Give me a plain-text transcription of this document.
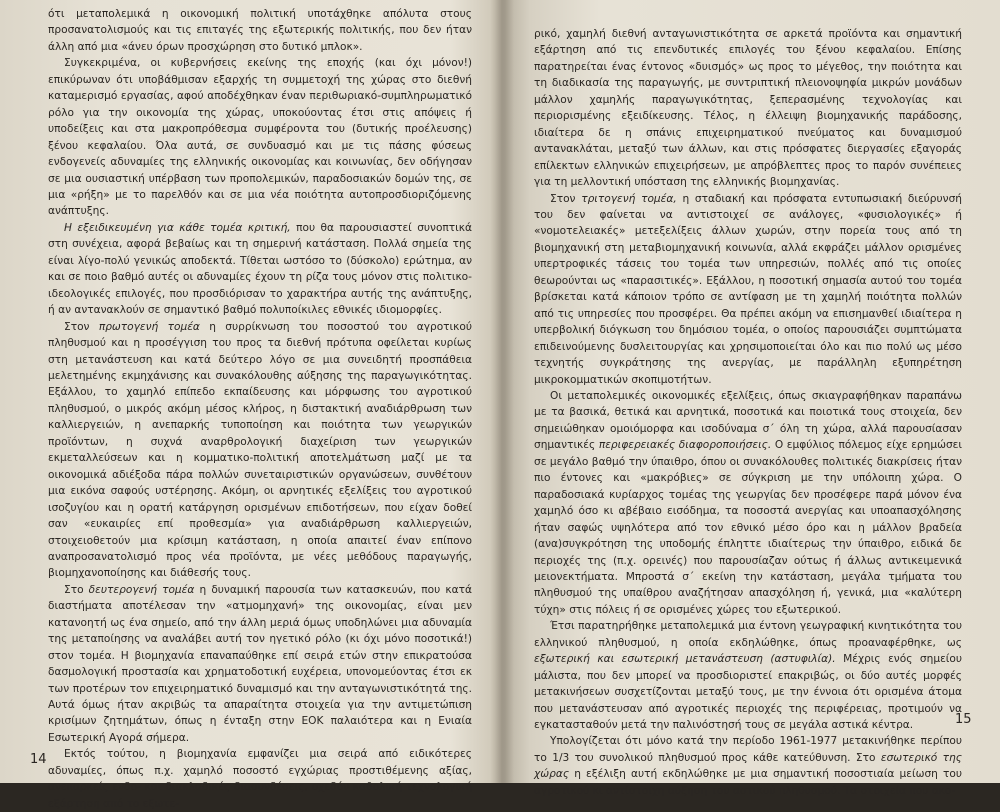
ότι μεταπολεμικά η οικονομική πολιτική υποτάχθηκε απόλυτα στους προσανατολισμούς και τις επιταγές της εξωτερικής πολιτικής, που δεν ήταν άλλη από μια «άνευ όρων προσχώρηση στο δυτικό μπλοκ».

Συγκεκριμένα, οι κυβερνήσεις εκείνης της εποχής (και όχι μόνον!) επικύρωναν ότι υποβάθμισαν εξαρχής τη συμμετοχή της χώρας στο διεθνή καταμερισμό εργασίας, αφού αποδέχθηκαν έναν περιθωριακό-συμπληρωματικό ρόλο για την οικονομία της χώρας, υποκούοντας έτσι στις απόψεις ή υποδείξεις και στα μακροπρόθεσμα συμφέροντα του (δυτικής προέλευσης) ξένου κεφαλαίου. Όλα αυτά, σε συνδυασμό και με τις πάσης φύσεως ενδογενείς αδυναμίες της ελληνικής οικονομίας και κοινωνίας, δεν οδήγησαν σε μια ουσιαστική υπέρβαση των προπολεμικών, παραδοσιακών δομών της, σε μια «ρήξη» με το παρελθόν και σε μια νέα ποιότητα αυτοπροσδιοριζόμενης ανάπτυξης.

Η εξειδικευμένη για κάθε τομέα κριτική, που θα παρουσιαστεί συνοπτικά στη συνέχεια, αφορά βεβαίως και τη σημερινή κατάσταση. Πολλά σημεία της είναι λίγο-πολύ γενικώς αποδεκτά. Τίθεται ωστόσο το (δύσκολο) ερώτημα, αν και σε ποιο βαθμό αυτές οι αδυναμίες έχουν τη ρίζα τους μόνον στις πολιτικο-ιδεολογικές επιλογές, που προσδιόρισαν το χαρακτήρα αυτής της ανάπτυξης, ή αν αντανακλούν σε σημαντικό βαθμό πολυποίκιλες εθνικές ιδιομορφίες.

Στον πρωτογενή τομέα η συρρίκνωση του ποσοστού του αγροτικού πληθυσμού και η προσέγγιση του προς τα διεθνή πρότυπα οφείλεται κυρίως στη μετανάστευση και κατά δεύτερο λόγο σε μια συνειδητή προσπάθεια μελετημένης εκμηχάνισης και συνακόλουθης αύξησης της παραγωγικότητας. Εξάλλου, το χαμηλό επίπεδο εκπαίδευσης και μόρφωσης του αγροτικού πληθυσμού, ο μικρός ακόμη μέσος κλήρος, η διστακτική αναδιάρθρωση των καλλιεργειών, η ανεπαρκής τυποποίηση και ποιότητα των γεωργικών προϊόντων, η συχνά αναρθρολογική διαχείριση των γεωργικών εκμεταλλεύσεων και η κομματικο-πολιτική αποτελμάτωση μαζί με τα οικονομικά αδιέξοδα πάρα πολλών συνεταιριστικών οργανώσεων, συνθέτουν μια εικόνα σαφούς υστέρησης. Ακόμη, οι αρνητικές εξελίξεις του αγροτικού ισοζυγίου και η ορατή κατάργηση ορισμένων επιδοτήσεων, που είχαν δοθεί σαν «ευκαιρίες επί προθεσμία» για αναδιάρθρωση καλλιεργειών, στοιχειοθετούν μια κρίσιμη κατάσταση, η οποία απαιτεί έναν επίπονο αναπροσανατολισμό προς νέα προϊόντα, με νέες μεθόδους παραγωγής, βιομηχανοποίησης και διάθεσής τους.

Στο δευτερογενή τομέα η δυναμική παρουσία των κατασκευών, που κατά διαστήματα αποτέλεσαν την «ατμομηχανή» της οικονομίας, είναι μεν κατανοητή ως ένα σημείο, από την άλλη μεριά όμως υποδηλώνει μια αδυναμία της μεταποίησης να αναλάβει αυτή τον ηγετικό ρόλο (κι όχι μόνο ποσοτικά!) στον τομέα. Η βιομηχανία επαναπαύθηκε επί σειρά ετών στην επικρατούσα δασμολογική προστασία και χρηματοδοτική ευχέρεια, υπονομεύοντας έτσι εκ των προτέρων τον επιχειρηματικό δυναμισμό και την ανταγωνιστικότητά της. Αυτά όμως ήταν ακριβώς τα απαραίτητα στοιχεία για την αντιμετώπιση κρισίμων ζητημάτων, όπως η ένταξη στην ΕΟΚ παλαιότερα και η Ενιαία Εσωτερική Αγορά σήμερα.

Εκτός τούτου, η βιομηχανία εμφανίζει μια σειρά από ειδικότερες αδυναμίες, όπως π.χ. χαμηλό ποσοστό εγχώριας προστιθέμενης αξίας, ανεπαρκείς ενδο- και διακλαδικές διασυνδέσεις, σχεδόν καθολική τεχνολογική εξάρτηση από το εξωτε-

14

ρικό, χαμηλή διεθνή ανταγωνιστικότητα σε αρκετά προϊόντα και σημαντική εξάρτηση από τις επενδυτικές επιλογές του ξένου κεφαλαίου. Επίσης παρατηρείται ένας έντονος «δυισμός» ως προς το μέγεθος, την ποιότητα και τη διαδικασία της παραγωγής, με συντριπτική πλειονοψηφία μικρών μονάδων μάλλον χαμηλής παραγωγικότητας, ξεπερασμένης τεχνολογίας και περιορισμένης εξειδίκευσης. Τέλος, η έλλειψη βιομηχανικής παράδοσης, ιδιαίτερα δε η σπάνις επιχειρηματικού πνεύματος και δυναμισμού αντανακλάται, μεταξύ των άλλων, και στις πρόσφατες διεργασίες εξαγοράς επίλεκτων ελληνικών επιχειρήσεων, με απρόβλεπτες προς το παρόν συνέπειες για τη μελλοντική υπόσταση της ελληνικής βιομηχανίας.

Στον τριτογενή τομέα, η σταδιακή και πρόσφατα εντυπωσιακή διεύρυνσή του δεν φαίνεται να αντιστοιχεί σε ανάλογες, «φυσιολογικές» ή «νομοτελειακές» μετεξελίξεις άλλων χωρών, στην πορεία τους από τη βιομηχανική στη μεταβιομηχανική κοινωνία, αλλά εκφράζει μάλλον ορισμένες υπερτροφικές τάσεις του τομέα των υπηρεσιών, πολλές από τις οποίες θεωρούνται ως «παρασιτικές». Εξάλλου, η ποσοτική σημασία αυτού του τομέα βρίσκεται κατά κάποιον τρόπο σε αντίφαση με τη χαμηλή ποιότητα πολλών από τις υπηρεσίες που προσφέρει. Θα πρέπει ακόμη να επισημανθεί ιδιαίτερα η υπερβολική διόγκωση του δημόσιου τομέα, ο οποίος παρουσιάζει συμπτώματα επιδεινούμενης δυσλειτουργίας και χρησιμοποιείται όλο και πιο πολύ ως μέσο τεχνητής συγκράτησης της ανεργίας, με παράλληλη εξυπηρέτηση μικροκομματικών σκοπιμοτήτων.

Οι μεταπολεμικές οικονομικές εξελίξεις, όπως σκιαγραφήθηκαν παραπάνω με τα βασικά, θετικά και αρνητικά, ποσοτικά και ποιοτικά τους στοιχεία, δεν σημειώθηκαν ομοιόμορφα και ισοδύναμα σ΄ όλη τη χώρα, αλλά παρουσίασαν σημαντικές περιφερειακές διαφοροποιήσεις. Ο εμφύλιος πόλεμος είχε ερημώσει σε μεγάλο βαθμό την ύπαιθρο, όπου οι συνακόλουθες πολιτικές διακρίσεις ήταν πιο έντονες και «μακρόβιες» σε σύγκριση με την υπόλοιπη χώρα. Ο παραδοσιακά κυρίαρχος τομέας της γεωργίας δεν προσέφερε παρά μόνον ένα χαμηλό όσο κι αβέβαιο εισόδημα, τα ποσοστά ανεργίας και υποαπασχόλησης ήταν σαφώς υψηλότερα από τον εθνικό μέσο όρο και η μάλλον βραδεία (ανα)συγκρότηση της υποδομής έπληττε ιδιαίτερως την ύπαιθρο, ειδικά δε περιοχές της (π.χ. ορεινές) που παρουσίαζαν ούτως ή άλλως αντικειμενικά μειονεκτήματα. Μπροστά σ΄ εκείνη την κατάσταση, μεγάλα τμήματα του πληθυσμού της υπαίθρου αναζήτησαν απασχόληση ή, γενικά, μια «καλύτερη τύχη» στις πόλεις ή σε ορισμένες χώρες του εξωτερικού.

Έτσι παρατηρήθηκε μεταπολεμικά μια έντονη γεωγραφική κινητικότητα του ελληνικού πληθυσμού, η οποία εκδηλώθηκε, όπως προαναφέρθηκε, ως εξωτερική και εσωτερική μετανάστευση (αστυφιλία). Μέχρις ενός σημείου μάλιστα, που δεν μπορεί να προσδιοριστεί επακριβώς, οι δύο αυτές μορφές μετακινήσεων συσχετίζονται μεταξύ τους, με την έννοια ότι ορισμένα άτομα που μετανάστευσαν από αγροτικές περιοχές της περιφέρειας, προτιμούν να εγκατασταθούν μετά την παλινόστησή τους σε μεγάλα αστικά κέντρα.

Υπολογίζεται ότι μόνο κατά την περίοδο 1961-1977 μετακινήθηκε περίπου το 1/3 του συνολικού πληθυσμού προς κάθε κατεύθυνση. Στο εσωτερικό της χώρας η εξέλιξη αυτή εκδηλώθηκε με μια σημαντική ποσοστιαία μείωση του αγροτικού κι αντίστοιχη αύξηση του αστικού πληθυσμού. Τα στοιχεία που ακο-

15
